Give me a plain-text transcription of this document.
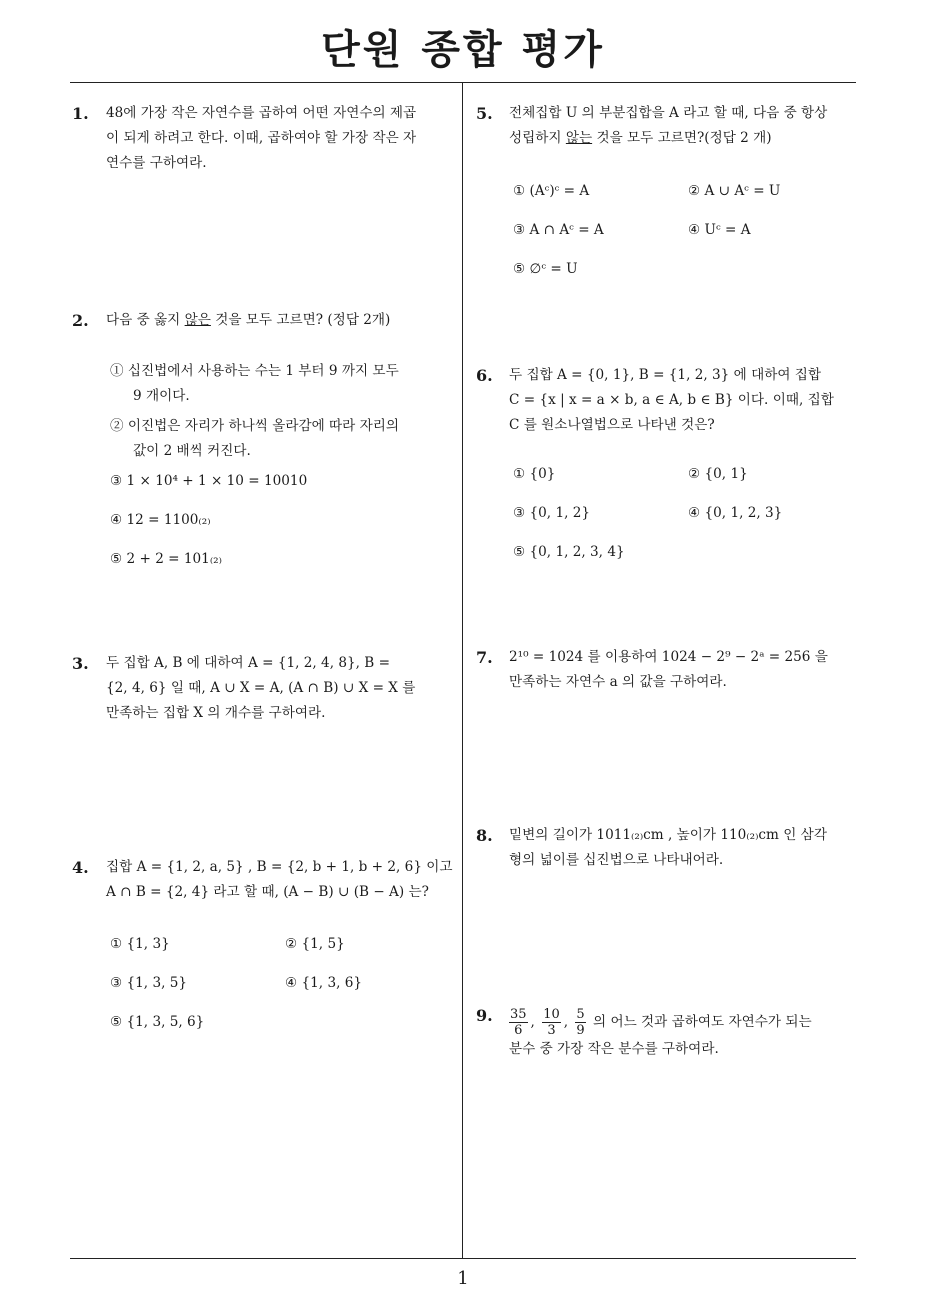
단원 종합 평가
1
1. 48에 가장 작은 자연수를 곱하여 어떤 자연수의 제곱
이 되게 하려고 한다. 이때, 곱하여야 할 가장 작은 자
연수를 구하여라.
2. 다음 중 옳지 않은 것을 모두 고르면? (정답 2개)
① 십진법에서 사용하는 수는 1 부터 9 까지 모두
9 개이다.
② 이진법은 자리가 하나씩 올라감에 따라 자리의
값이 2 배씩 커진다.
③ 1 × 10⁴ + 1 × 10 = 10010
④ 12 = 1100₍₂₎
⑤ 2 + 2 = 101₍₂₎
3. 두 집합 A, B 에 대하여 A = {1, 2, 4, 8}, B =
{2, 4, 6} 일 때, A ∪ X = A, (A ∩ B) ∪ X = X 를
만족하는 집합 X 의 개수를 구하여라.
4. 집합 A = {1, 2, a, 5} , B = {2, b + 1, b + 2, 6} 이고
A ∩ B = {2, 4} 라고 할 때, (A − B) ∪ (B − A) 는?
① {1, 3}	② {1, 5}
③ {1, 3, 5}	④ {1, 3, 6}
⑤ {1, 3, 5, 6}
5. 전체집합 U 의 부분집합을 A 라고 할 때, 다음 중 항상
성립하지 않는 것을 모두 고르면?(정답 2 개)
① (Aᶜ)ᶜ = A	② A ∪ Aᶜ = U
③ A ∩ Aᶜ = A	④ Uᶜ = A
⑤ ∅ᶜ = U
6. 두 집합 A = {0, 1}, B = {1, 2, 3} 에 대하여 집합
C = {x | x = a × b, a ∈ A, b ∈ B} 이다. 이때, 집합
C 를 원소나열법으로 나타낸 것은?
① {0}	② {0, 1}
③ {0, 1, 2}	④ {0, 1, 2, 3}
⑤ {0, 1, 2, 3, 4}
7. 2¹⁰ = 1024 를 이용하여 1024 − 2⁹ − 2ᵃ = 256 을
만족하는 자연수 a 의 값을 구하여라.
8. 밑변의 길이가 1011₍₂₎cm , 높이가 110₍₂₎cm 인 삼각
형의 넓이를 십진법으로 나타내어라.
9. $\frac{35}{6}$ , $\frac{10}{3}$ , $\frac{5}{9}$ 의 어느 것과 곱하여도 자연수가 되는
분수 중 가장 작은 분수를 구하여라.
